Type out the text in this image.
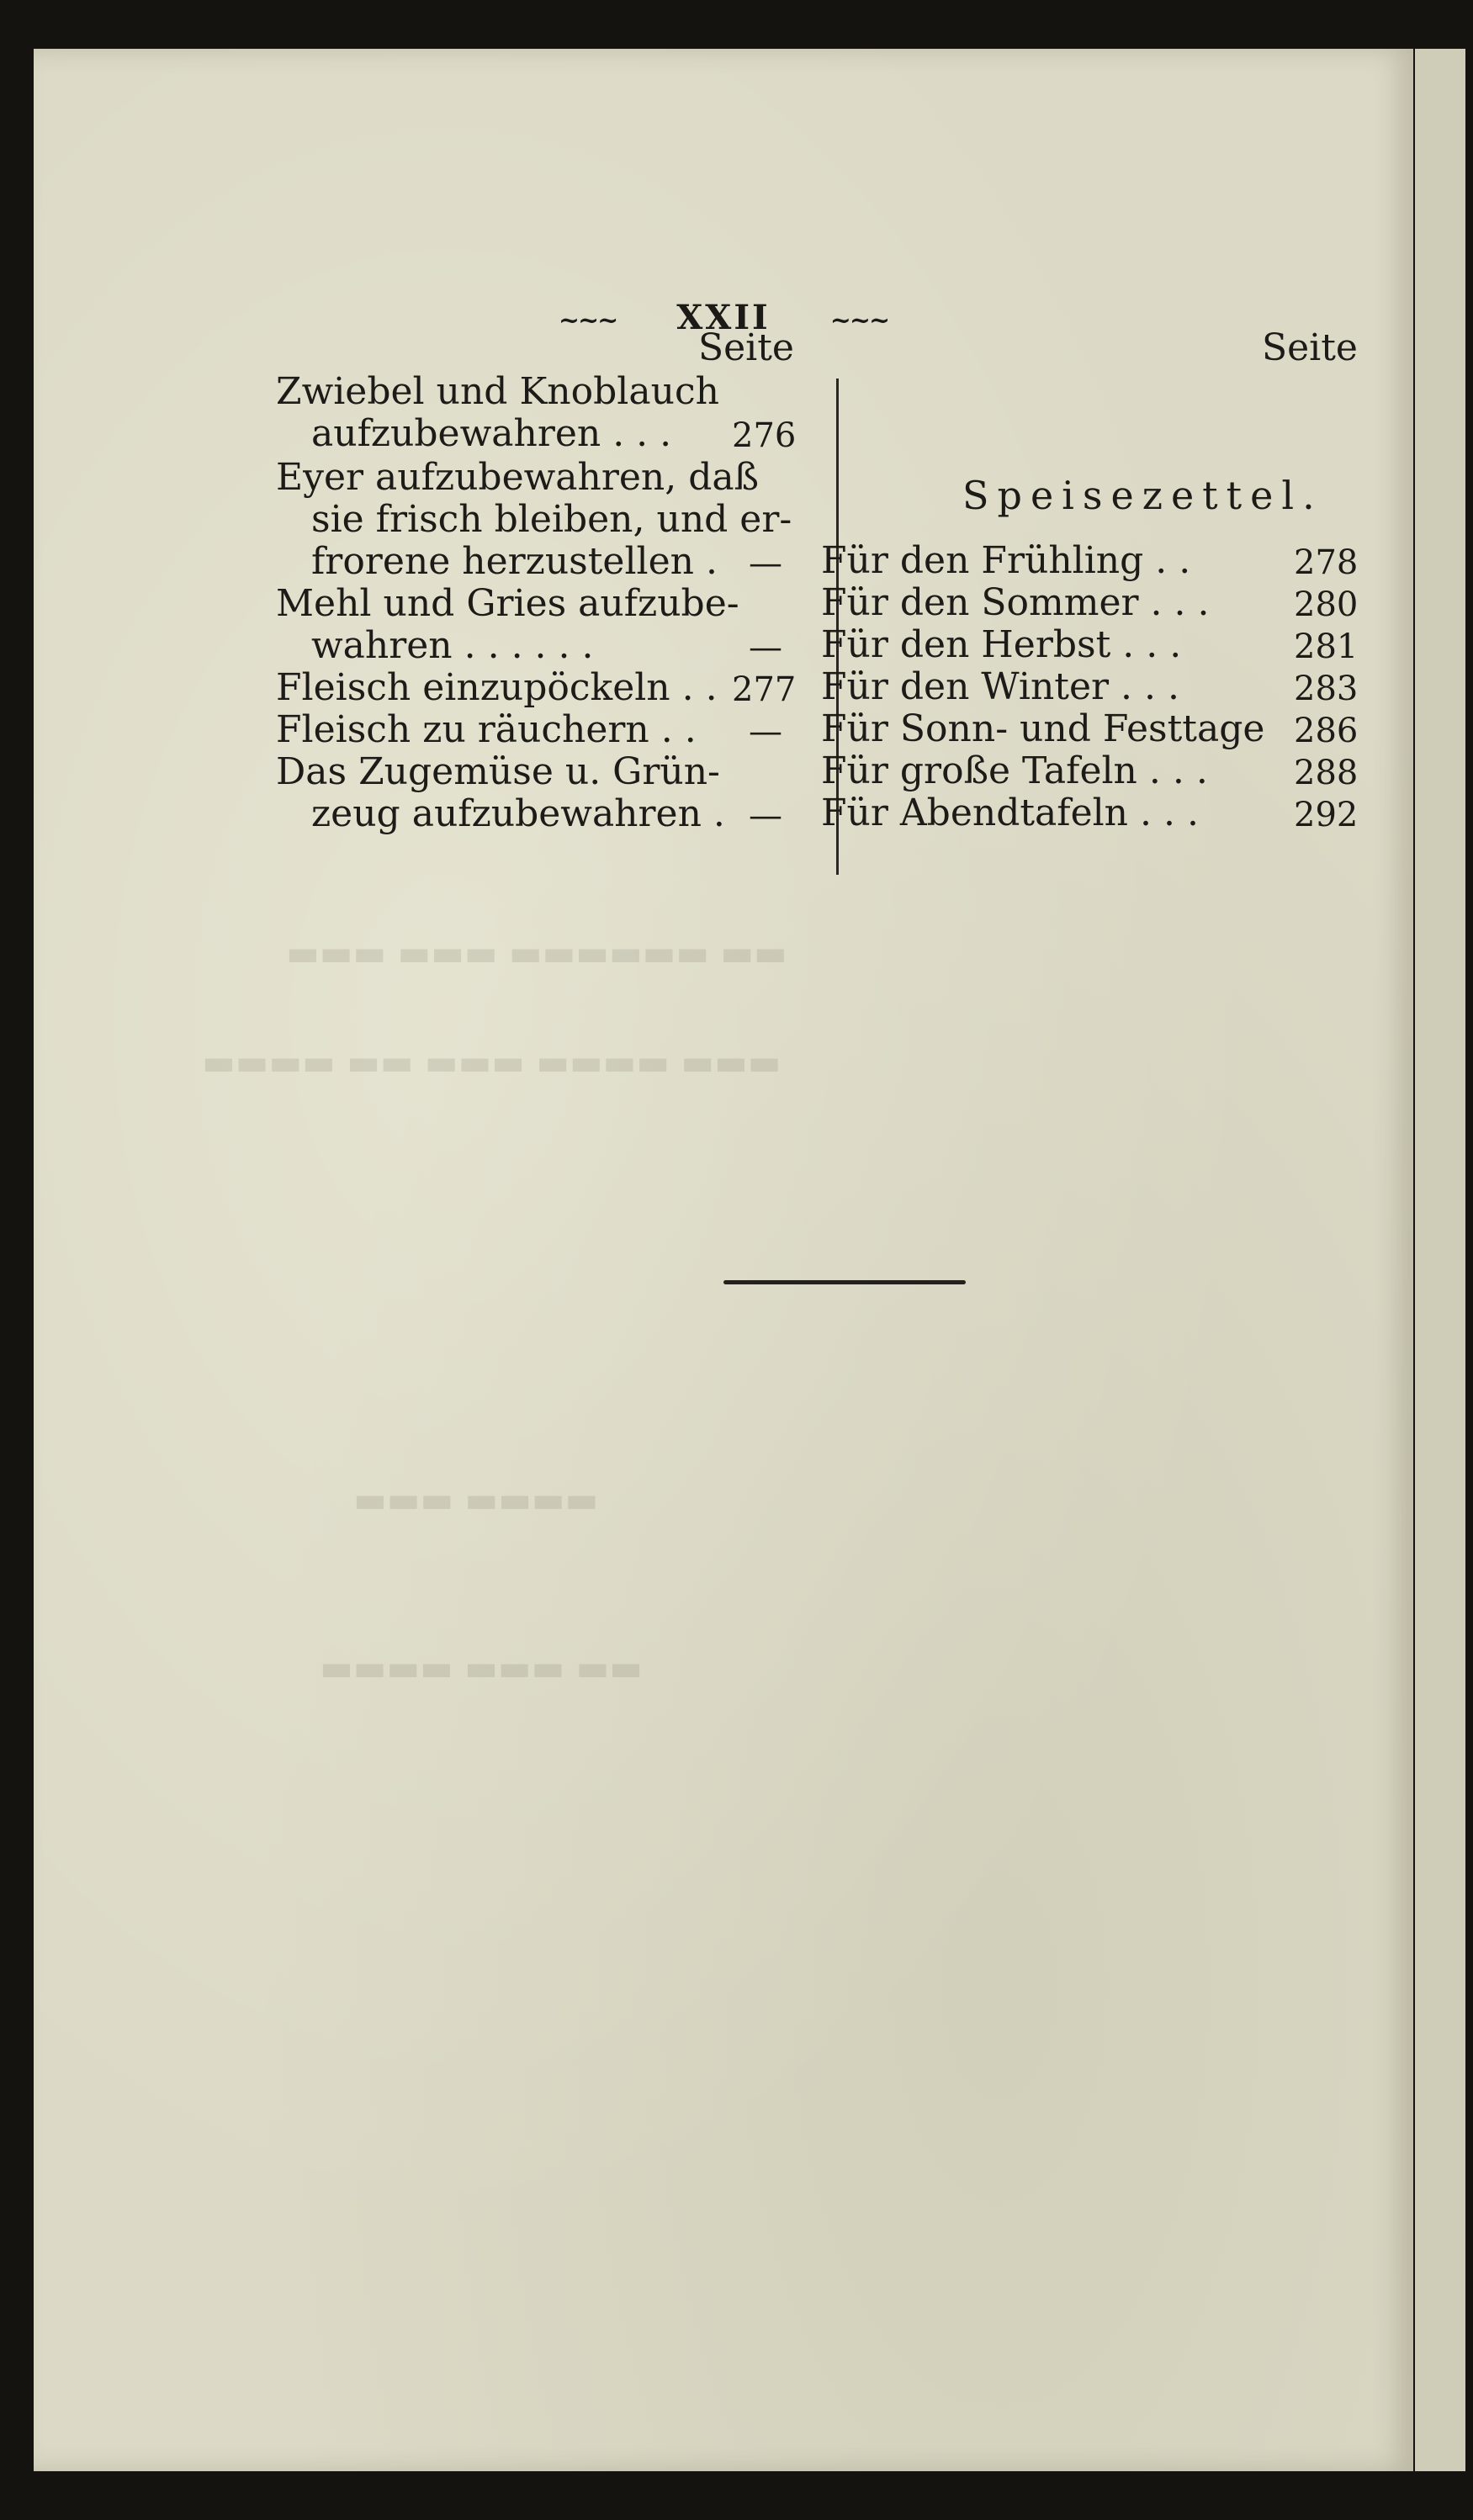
▬▬▬ ▬▬▬ ▬▬▬▬▬▬ ▬▬
▬▬▬▬ ▬▬ ▬▬▬ ▬▬▬▬ ▬▬▬
▬▬▬ ▬▬▬▬
▬▬▬▬ ▬▬▬ ▬▬
~~~ XXII ~~~
Seite
Zwiebel und Knoblauch
aufzubewahren . . . 276
Eyer aufzubewahren, daß
sie frisch bleiben, und er-
frorene herzustellen . —
Mehl und Gries aufzube-
wahren . . . . . .	—
Fleisch einzupöckeln . . 277
Fleisch zu räuchern . . —
Das Zugemüse u. Grün-
zeug aufzubewahren . —
Seite
Speisezettel.
Für den Frühling . .	278
Für den Sommer . . .	280
Für den Herbst . . .	281
Für den Winter . . .	283
Für Sonn- und Festtage 286
Für große Tafeln . . .	288
Für Abendtafeln . . .	292
